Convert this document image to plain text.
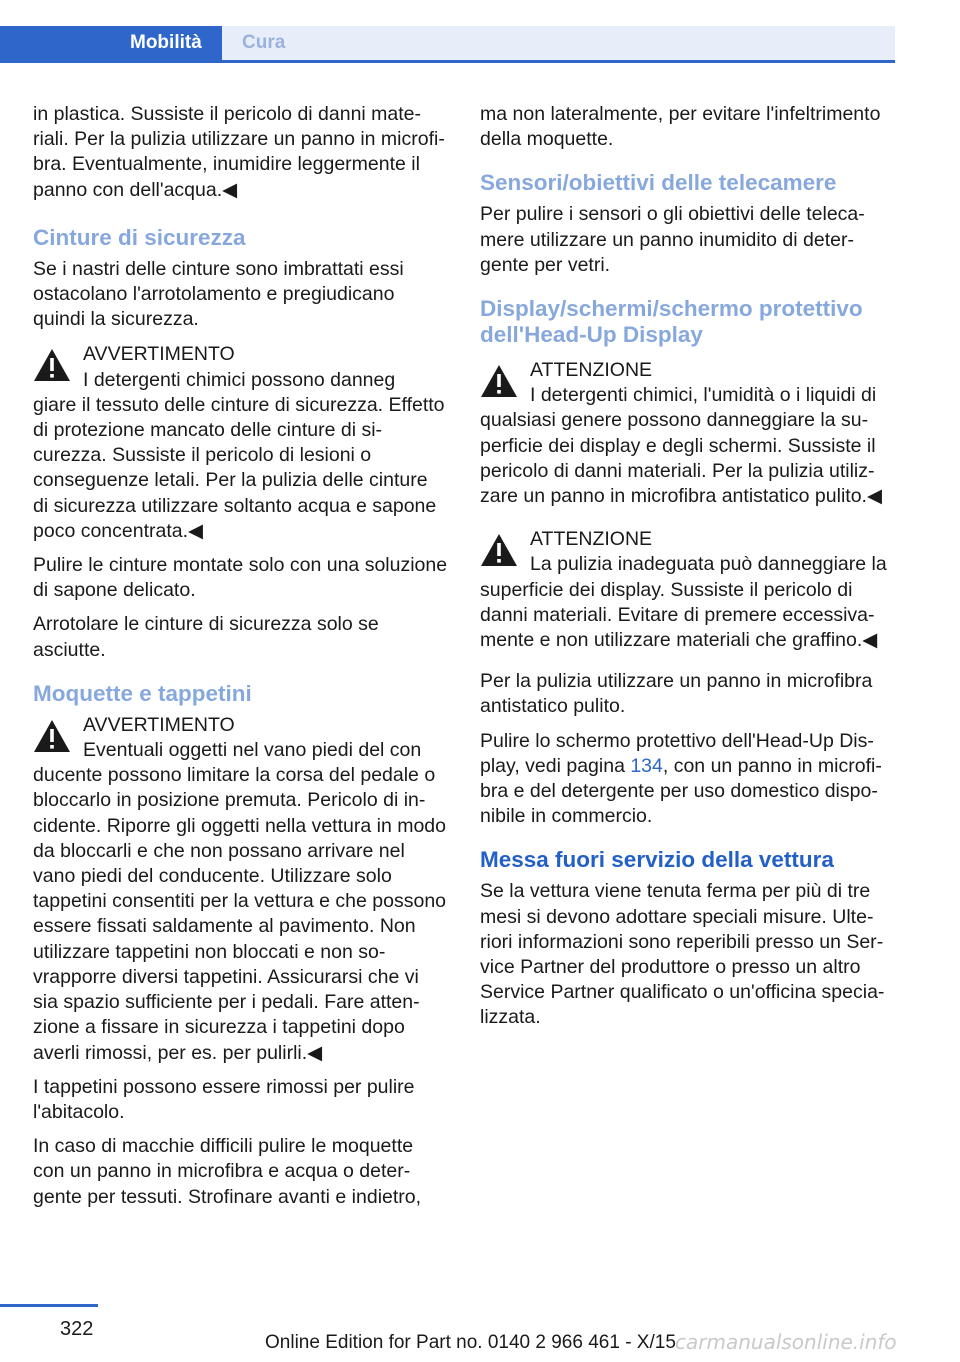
Mobilità Cura

in plastica. Sussiste il pericolo di danni materiali. Per la pulizia utilizzare un panno in microfibra. Eventualmente, inumidire leggermente il panno con dell'acqua.◀

Cinture di sicurezza

Se i nastri delle cinture sono imbrattati essi ostacolano l'arrotolamento e pregiudicano quindi la sicurezza.

AVVERTIMENTO

I detergenti chimici possono danneg

giare il tessuto delle cinture di sicurezza. Effetto di protezione mancato delle cinture di sicurezza. Sussiste il pericolo di lesioni o conseguenze letali. Per la pulizia delle cinture di sicurezza utilizzare soltanto acqua e sapone poco concentrata.◀

Pulire le cinture montate solo con una soluzione di sapone delicato.

Arrotolare le cinture di sicurezza solo se asciutte.

Moquette e tappetini
AVVERTIMENTO

Eventuali oggetti nel vano piedi del con

ducente possono limitare la corsa del pedale o bloccarlo in posizione premuta. Pericolo di incidente. Riporre gli oggetti nella vettura in modo da bloccarli e che non possano arrivare nel vano piedi del conducente. Utilizzare solo tappetini consentiti per la vettura e che possono essere fissati saldamente al pavimento. Non utilizzare tappetini non bloccati e non sovrapporre diversi tappetini. Assicurarsi che vi sia spazio sufficiente per i pedali. Fare attenzione a fissare in sicurezza i tappetini dopo averli rimossi, per es. per pulirli.◀

I tappetini possono essere rimossi per pulire l'abitacolo.

In caso di macchie difficili pulire le moquette con un panno in microfibra e acqua o detergente per tessuti. Strofinare avanti e indietro,

ma non lateralmente, per evitare l'infeltrimento della moquette.

Sensori/obiettivi delle telecamere

Per pulire i sensori o gli obiettivi delle telecamere utilizzare un panno inumidito di detergente per vetri.

Display/schermi/schermo protettivo dell'Head-Up Display
ATTENZIONE

I detergenti chimici, l'umidità o i liquidi di

qualsiasi genere possono danneggiare la superficie dei display e degli schermi. Sussiste il pericolo di danni materiali. Per la pulizia utilizzare un panno in microfibra antistatico pulito.◀

ATTENZIONE

La pulizia inadeguata può danneggiare la

superficie dei display. Sussiste il pericolo di danni materiali. Evitare di premere eccessivamente e non utilizzare materiali che graffino.◀

Per la pulizia utilizzare un panno in microfibra antistatico pulito.

Pulire lo schermo protettivo dell'Head-Up Display, vedi pagina 134, con un panno in microfibra e del detergente per uso domestico disponibile in commercio.

Messa fuori servizio della vettura

Se la vettura viene tenuta ferma per più di tre mesi si devono adottare speciali misure. Ulteriori informazioni sono reperibili presso un Service Partner del produttore o presso un altro Service Partner qualificato o un'officina specializzata.

322
Online Edition for Part no. 0140 2 966 461 - X/15 carmanualsonline.info
